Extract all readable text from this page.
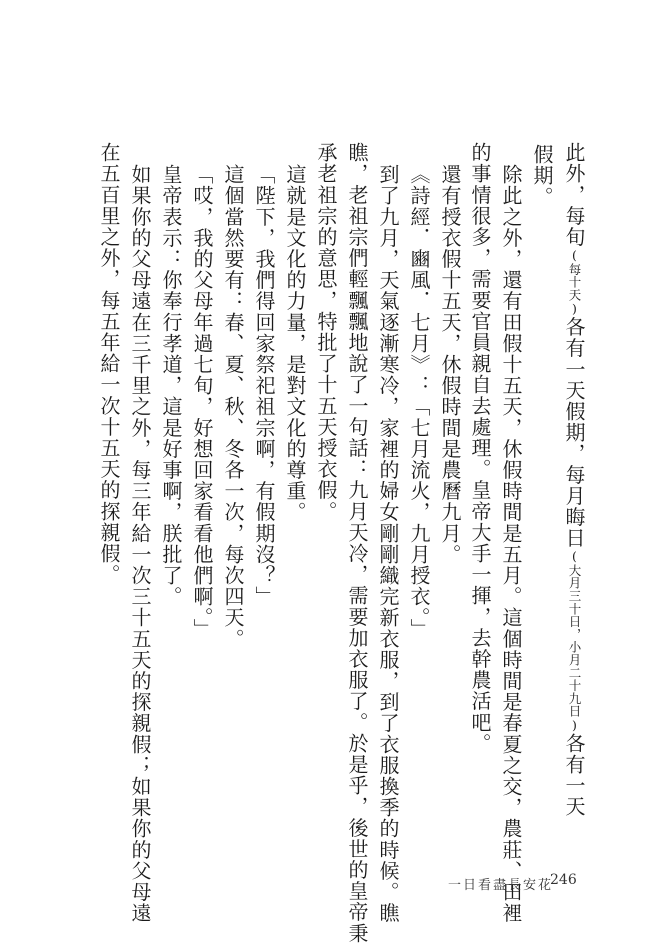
此外，每旬(每十天)各有一天假期，每月晦日(大月三十日，小月二十九日)各有一天
假期。
除此之外，還有田假十五天，休假時間是五月。這個時間是春夏之交，農莊、田裡
的事情很多，需要官員親自去處理。皇帝大手一揮，去幹農活吧。
還有授衣假十五天，休假時間是農曆九月。
《詩經．豳風．七月》：「七月流火，九月授衣。」
到了九月，天氣逐漸寒冷，家裡的婦女剛剛織完新衣服，到了衣服換季的時候。瞧
瞧，老祖宗們輕飄飄地說了一句話：九月天冷，需要加衣服了。於是乎，後世的皇帝秉
承老祖宗的意思，特批了十五天授衣假。
這就是文化的力量，是對文化的尊重。
「陛下，我們得回家祭祀祖宗啊，有假期沒？」
這個當然要有：春、夏、秋、冬各一次，每次四天。
「哎，我的父母年過七旬，好想回家看看他們啊。」
皇帝表示：你奉行孝道，這是好事啊，朕批了。
如果你的父母遠在三千里之外，每三年給一次三十五天的探親假；如果你的父母遠
在五百里之外，每五年給一次十五天的探親假。
一日看盡長安花
246
